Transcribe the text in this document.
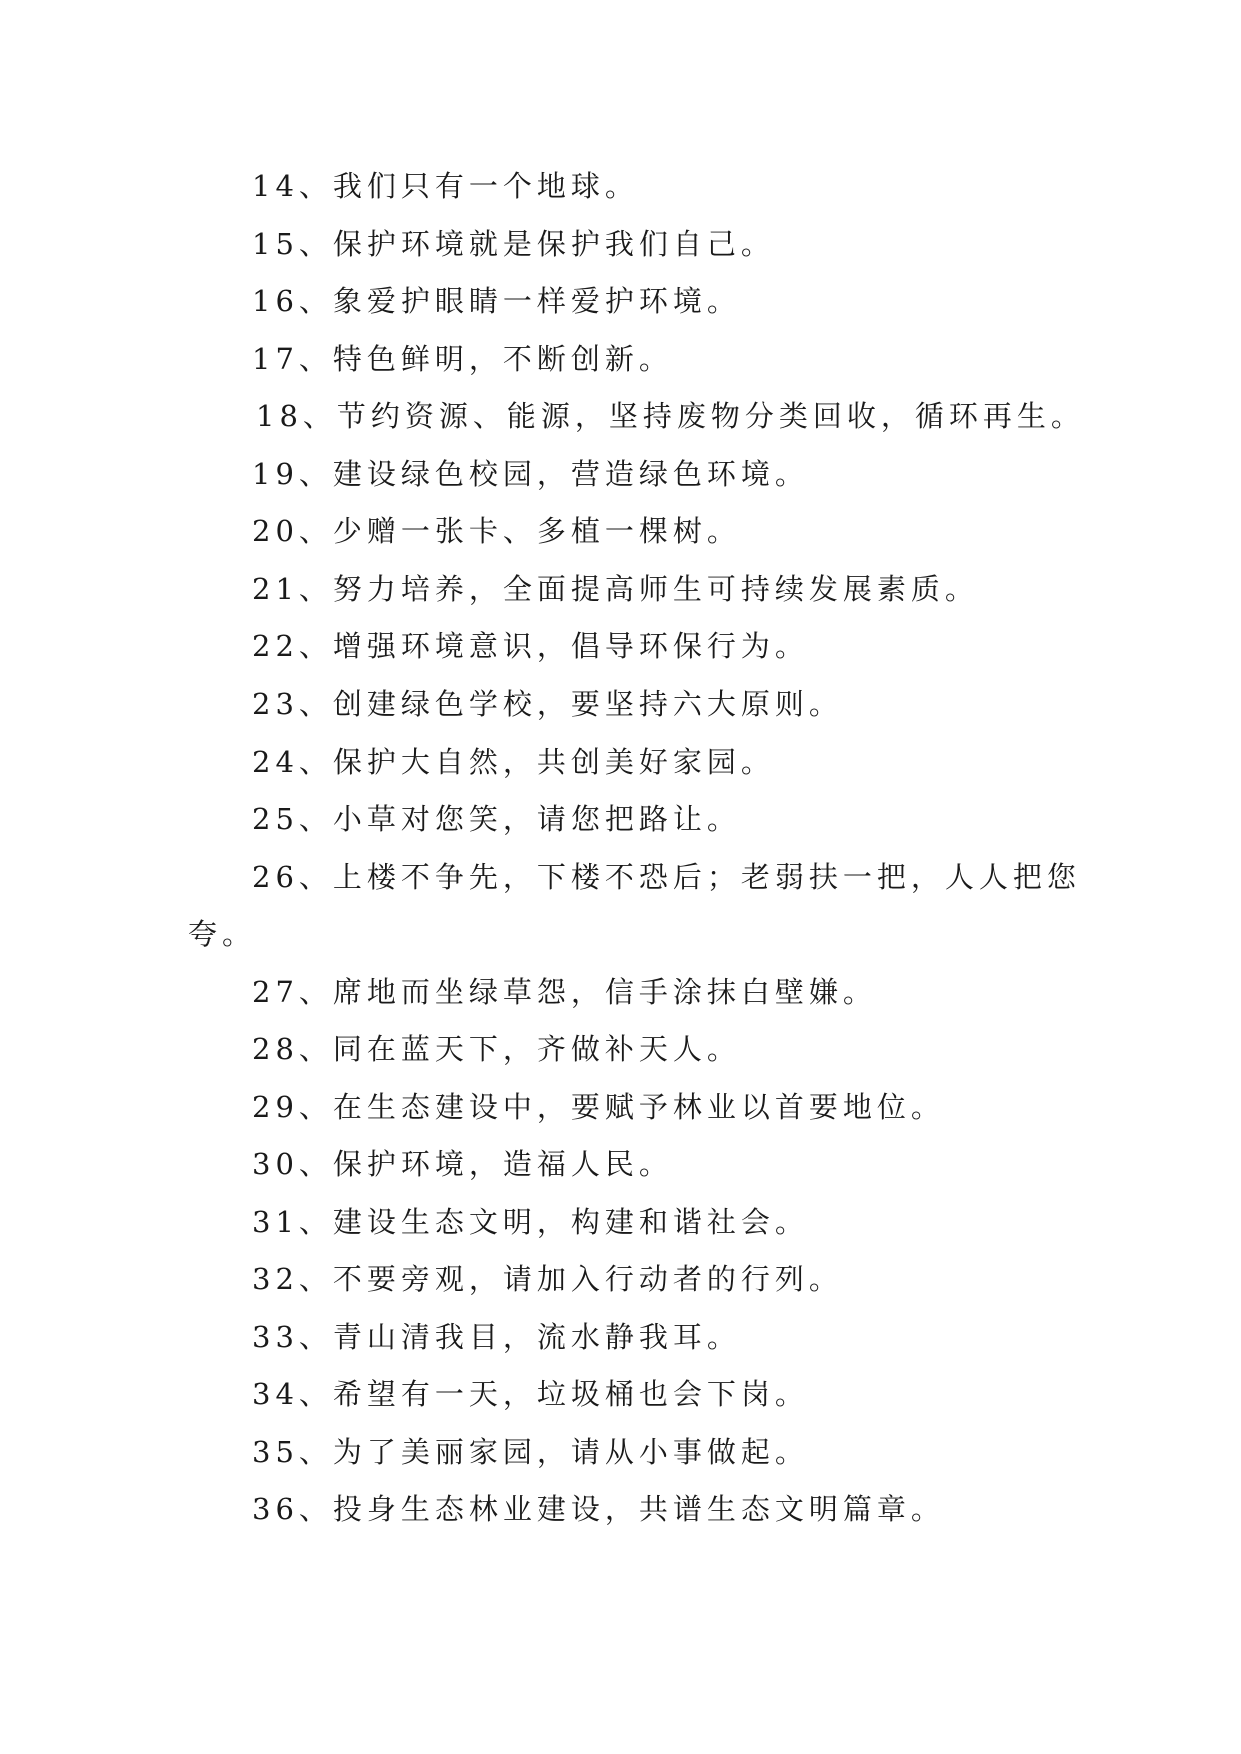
14、我们只有一个地球。
15、保护环境就是保护我们自己。
16、象爱护眼睛一样爱护环境。
17、特色鲜明，不断创新。
18、节约资源、能源，坚持废物分类回收，循环再生。
19、建设绿色校园，营造绿色环境。
20、少赠一张卡、多植一棵树。
21、努力培养，全面提高师生可持续发展素质。
22、增强环境意识，倡导环保行为。
23、创建绿色学校，要坚持六大原则。
24、保护大自然，共创美好家园。
25、小草对您笑，请您把路让。
26、上楼不争先，下楼不恐后；老弱扶一把，人人把您
夸。
27、席地而坐绿草怨，信手涂抹白壁嫌。
28、同在蓝天下，齐做补天人。
29、在生态建设中，要赋予林业以首要地位。
30、保护环境，造福人民。
31、建设生态文明，构建和谐社会。
32、不要旁观，请加入行动者的行列。
33、青山清我目，流水静我耳。
34、希望有一天，垃圾桶也会下岗。
35、为了美丽家园，请从小事做起。
36、投身生态林业建设，共谱生态文明篇章。
